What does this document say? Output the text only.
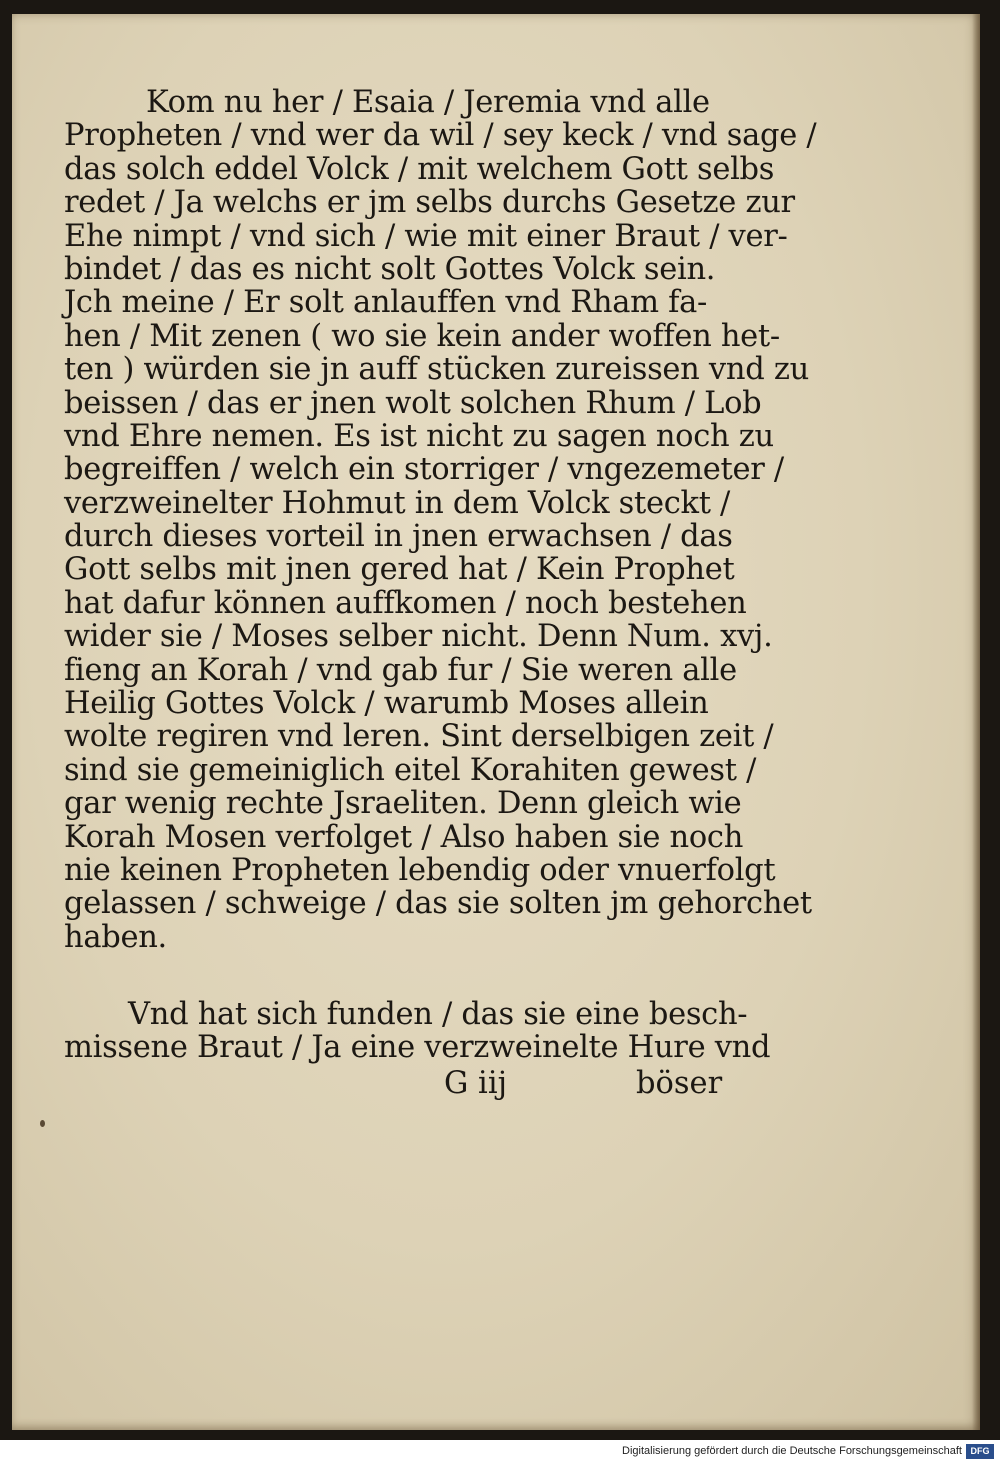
Kom nu her / Esaia / Jeremia vnd alle
Propheten / vnd wer da wil / sey keck / vnd sage /
das solch eddel Volck / mit welchem Gott selbs
redet / Ja welchs er jm selbs durchs Gesetze zur
Ehe nimpt / vnd sich / wie mit einer Braut / ver-
bindet / das es nicht solt Gottes Volck sein.
Jch meine / Er solt anlauffen vnd Rham fa-
hen / Mit zenen ( wo sie kein ander woffen het-
ten ) würden sie jn auff stücken zureissen vnd zu
beissen / das er jnen wolt solchen Rhum / Lob
vnd Ehre nemen. Es ist nicht zu sagen noch zu
begreiffen / welch ein storriger / vngezemeter /
verzweinelter Hohmut in dem Volck steckt /
durch dieses vorteil in jnen erwachsen / das
Gott selbs mit jnen gered hat / Kein Prophet
hat dafur können auffkomen / noch bestehen
wider sie / Moses selber nicht. Denn Num. xvj.
fieng an Korah / vnd gab fur / Sie weren alle
Heilig Gottes Volck / warumb Moses allein
wolte regiren vnd leren. Sint derselbigen zeit /
sind sie gemeiniglich eitel Korahiten gewest /
gar wenig rechte Jsraeliten. Denn gleich wie
Korah Mosen verfolget / Also haben sie noch
nie keinen Propheten lebendig oder vnuerfolgt
gelassen / schweige / das sie solten jm gehorchet
haben.
Vnd hat sich funden / das sie eine besch-
missene Braut / Ja eine verzweinelte Hure vnd
G iij	böser
Digitalisierung gefördert durch die Deutsche Forschungsgemeinschaft DFG
